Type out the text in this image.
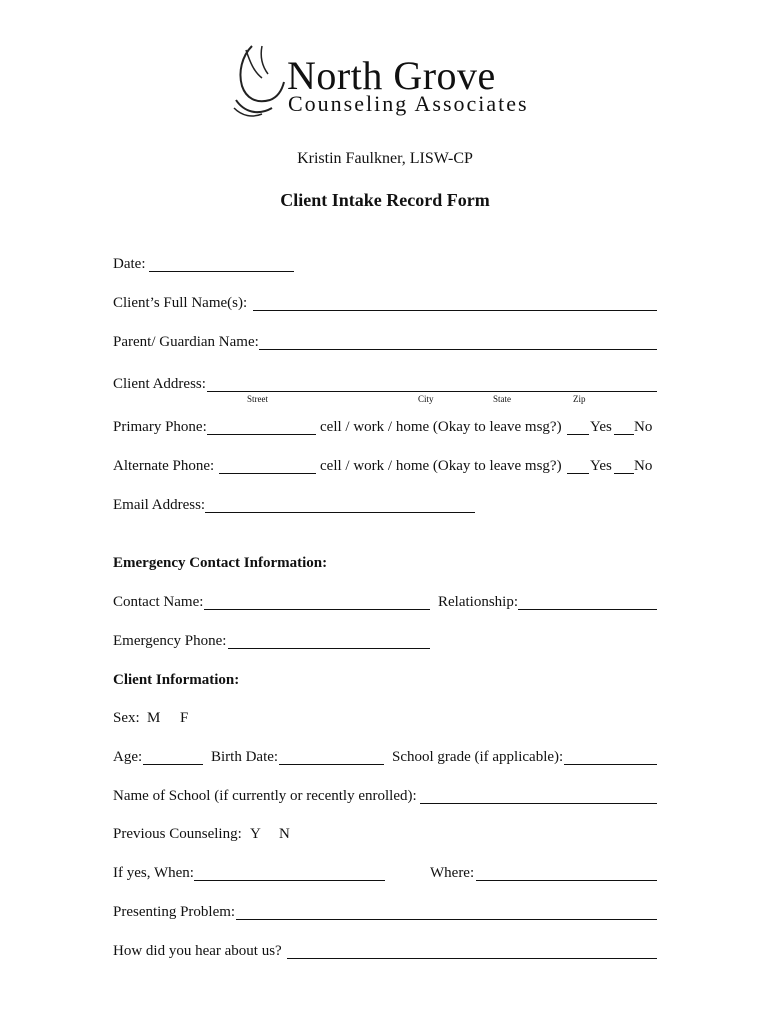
North Grove
Counseling Associates
Kristin Faulkner, LISW-CP
Client Intake Record Form
Date:
Client’s Full Name(s):
Parent/ Guardian Name:
Client Address:
Street	City	State	Zip
Primary Phone:	cell / work / home (Okay to leave msg?) Yes No
Alternate Phone:	cell / work / home (Okay to leave msg?) Yes No
Email Address:
Emergency Contact Information:
Contact Name:	Relationship:
Emergency Phone:
Client Information:
Sex: M F
Age:	Birth Date:	School grade (if applicable):
Name of School (if currently or recently enrolled):
Previous Counseling: Y N
If yes, When:	Where:
Presenting Problem:
How did you hear about us?
